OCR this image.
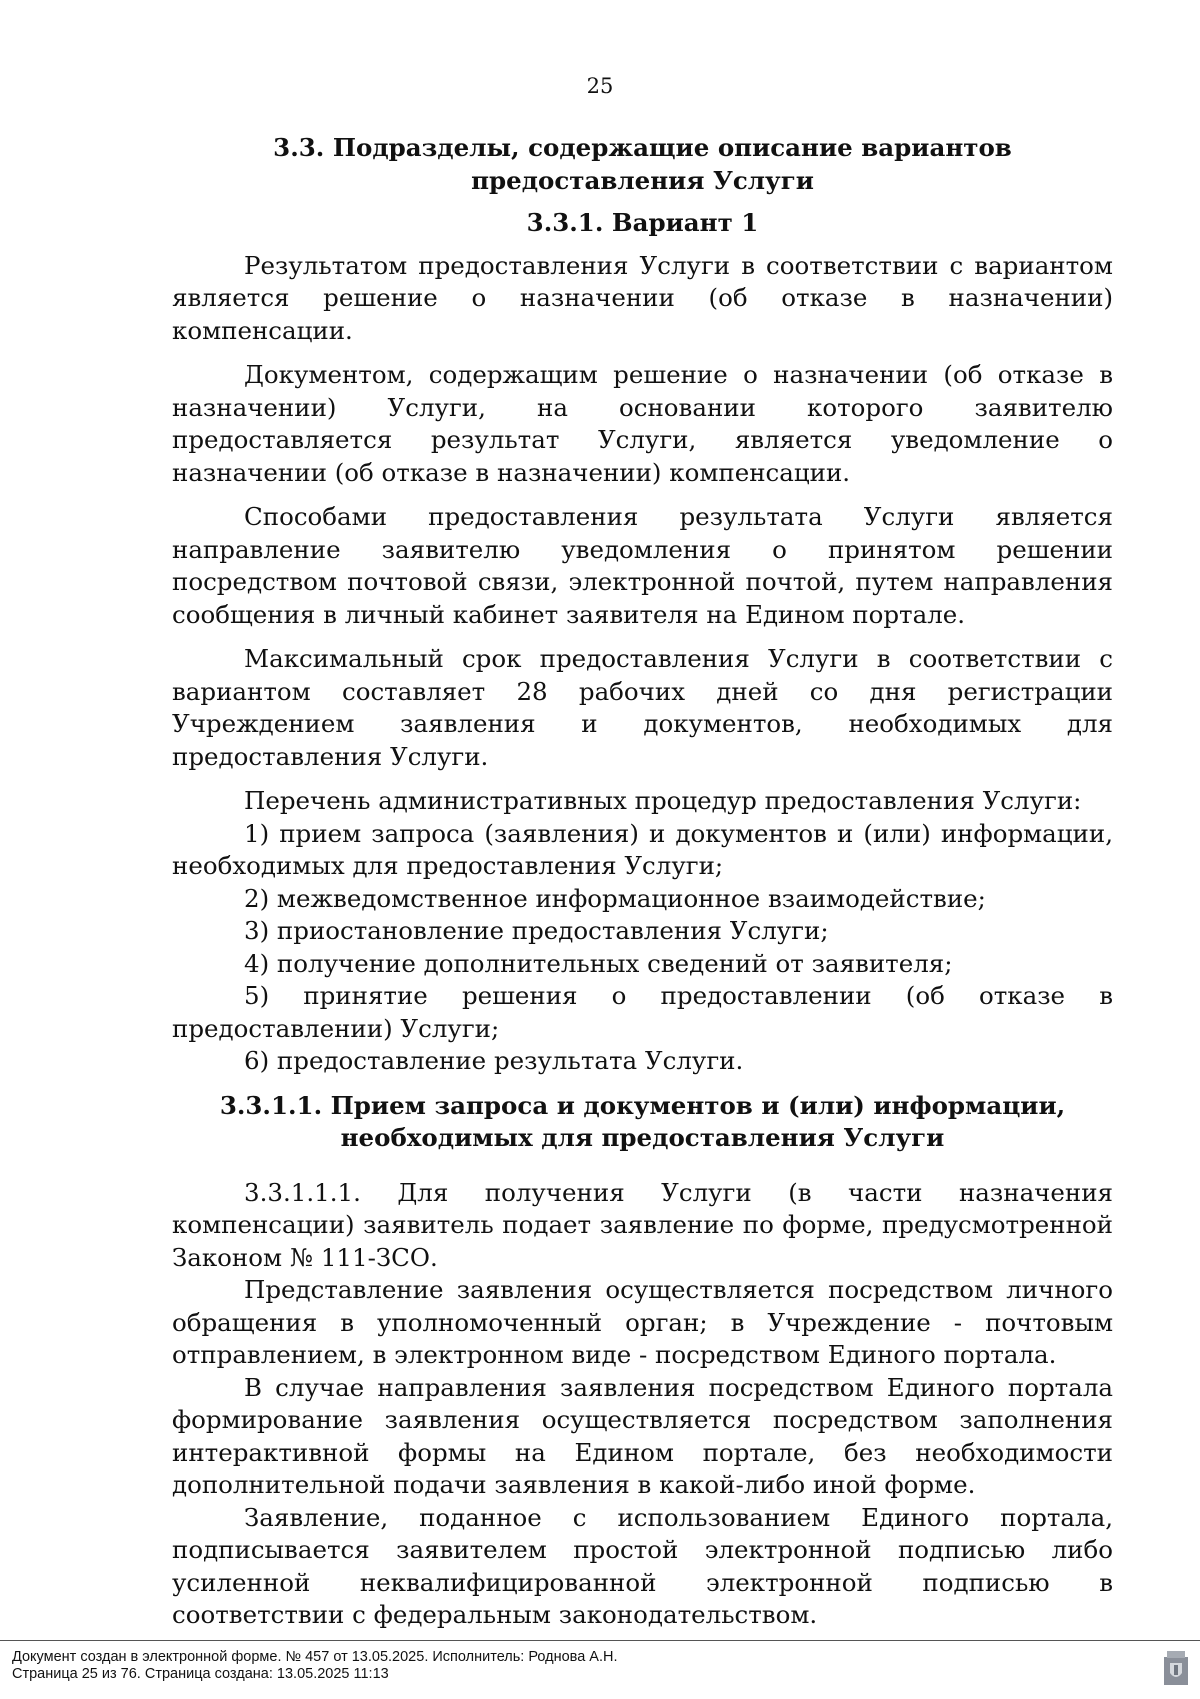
25
3.3. Подразделы, содержащие описание вариантов предоставления Услуги
3.3.1. Вариант 1

Результатом предоставления Услуги в соответствии с вариантом является решение о назначении (об отказе в назначении) компенсации.

Документом, содержащим решение о назначении (об отказе в назначении) Услуги, на основании которого заявителю предоставляется результат Услуги, является уведомление о назначении (об отказе в назначении) компенсации.

Способами предоставления результата Услуги является направление заявителю уведомления о принятом решении посредством почтовой связи, электронной почтой, путем направления сообщения в личный кабинет заявителя на Едином портале.

Максимальный срок предоставления Услуги в соответствии с вариантом составляет 28 рабочих дней со дня регистрации Учреждением заявления и документов, необходимых для предоставления Услуги.

Перечень административных процедур предоставления Услуги:

1) прием запроса (заявления) и документов и (или) информации, необходимых для предоставления Услуги;

2) межведомственное информационное взаимодействие;

3) приостановление предоставления Услуги;

4) получение дополнительных сведений от заявителя;

5) принятие решения о предоставлении (об отказе в предоставлении) Услуги;

6) предоставление результата Услуги.

3.3.1.1. Прием запроса и документов и (или) информации, необходимых для предоставления Услуги

3.3.1.1.1. Для получения Услуги (в части назначения компенсации) заявитель подает заявление по форме, предусмотренной Законом № 111-ЗСО.

Представление заявления осуществляется посредством личного обращения в уполномоченный орган; в Учреждение - почтовым отправлением, в электронном виде - посредством Единого портала.

В случае направления заявления посредством Единого портала формирование заявления осуществляется посредством заполнения интерактивной формы на Едином портале, без необходимости дополнительной подачи заявления в какой-либо иной форме.

Заявление, поданное с использованием Единого портала, подписывается заявителем простой электронной подписью либо усиленной неквалифицированной электронной подписью в соответствии с федеральным законодательством.

Документ создан в электронной форме. № 457 от 13.05.2025. Исполнитель: Роднова А.Н.
Страница 25 из 76. Страница создана: 13.05.2025 11:13
